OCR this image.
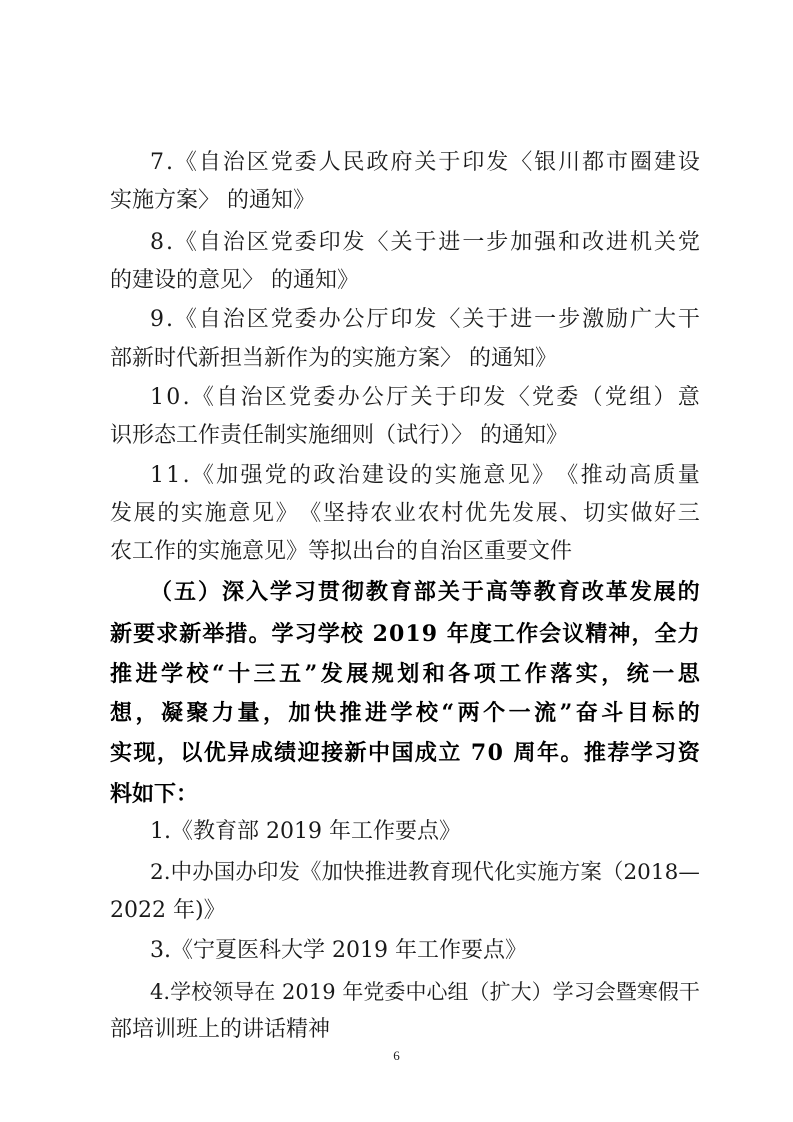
7 . 《 自 治 区 党 委 人 民 政 府 关 于 印 发 〈 银 川 都 市 圈 建 设
实施方案〉 的通知》
8 . 《 自 治 区 党 委 印 发 〈 关 于 进 一 步 加 强 和 改 进 机 关 党
的建设的意见〉 的通知》
9 . 《 自 治 区 党 委 办 公 厅 印 发 〈 关 于 进 一 步 激 励 广 大 干
部新时代新担当新作为的实施方案〉 的通知》
1 0 . 《 自 治 区 党 委 办 公 厅 关 于 印 发 〈 党 委 （ 党 组 ） 意
识形态工作责任制实施细则（试行）〉 的通知》
1 1 . 《 加 强 党 的 政 治 建 设 的 实 施 意 见 》 《 推 动 高 质 量
发 展 的 实 施 意 见 》 《 坚 持 农 业 农 村 优 先 发 展 、 切 实 做 好 三
农工作的实施意见》等拟出台的自治区重要文件
（ 五 ） 深 入 学 习 贯 彻 教 育 部 关 于 高 等 教 育 改 革 发 展 的
新 要 求 新 举 措 。 学 习 学 校
2 0 1 9
年 度 工 作 会 议 精 神 ， 全 力
推 进 学 校 “ 十 三 五 ” 发 展 规 划 和 各 项 工 作 落 实 ， 统 一 思
想 ， 凝 聚 力 量 ， 加 快 推 进 学 校 “ 两 个 一 流 ” 奋 斗 目 标 的
实 现 ， 以 优 异 成 绩 迎 接 新 中 国 成 立
7 0
周 年 。 推 荐 学 习 资
料如下：
1.《教育部 2019 年工作要点》
2 . 中 办 国 办 印 发 《 加 快 推 进 教 育 现 代 化 实 施 方 案 （ 2 0 1 8 —
2022 年)》
3.《宁夏医科大学 2019 年工作要点》
4 . 学 校 领 导 在
2 0 1 9
年 党 委 中 心 组 （ 扩 大 ） 学 习 会 暨 寒 假 干
部培训班上的讲话精神
6
